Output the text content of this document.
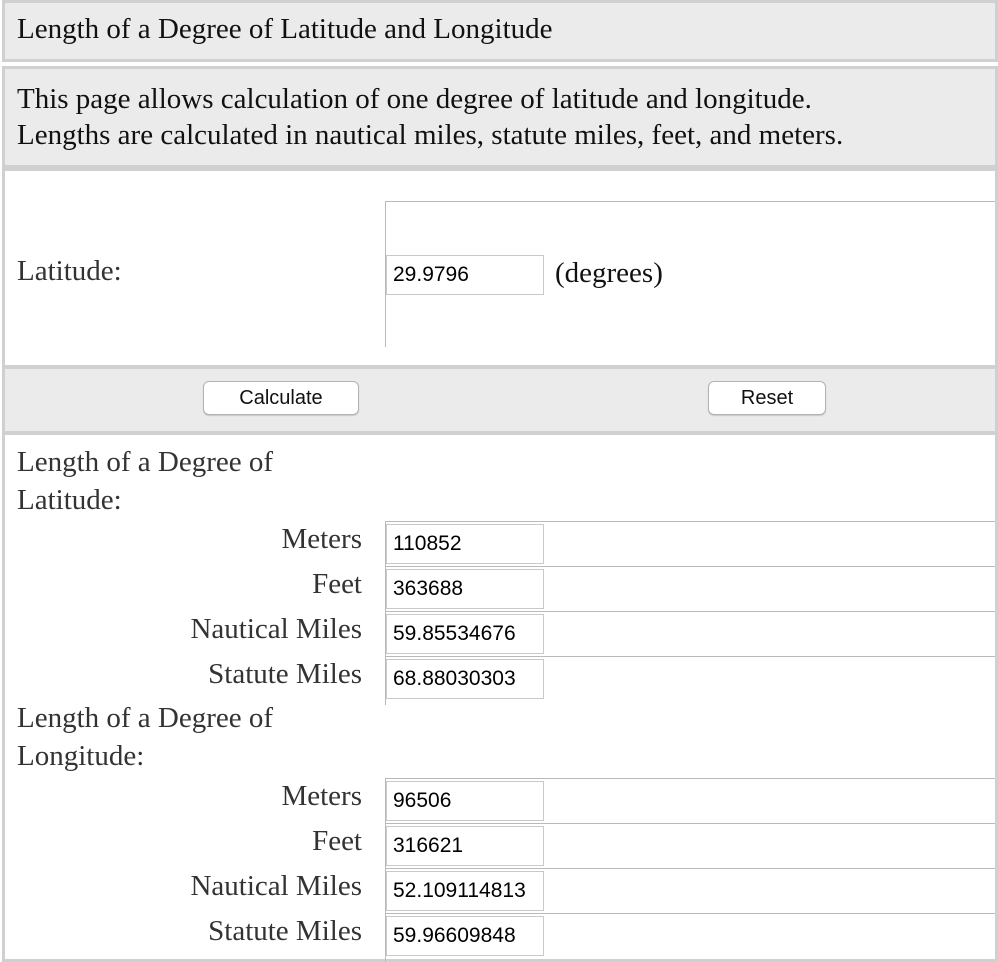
Length of a Degree of Latitude and Longitude
This page allows calculation of one degree of latitude and longitude.
Lengths are calculated in nautical miles, statute miles, feet, and meters.
Latitude:
29.9796	(degrees)
Calculate	Reset
Length of a Degree of
Latitude:
Meters
110852
Feet
363688
Nautical Miles
59.85534676
Statute Miles
68.88030303
Length of a Degree of
Longitude:
Meters
96506
Feet
316621
Nautical Miles
52.109114813
Statute Miles
59.96609848
